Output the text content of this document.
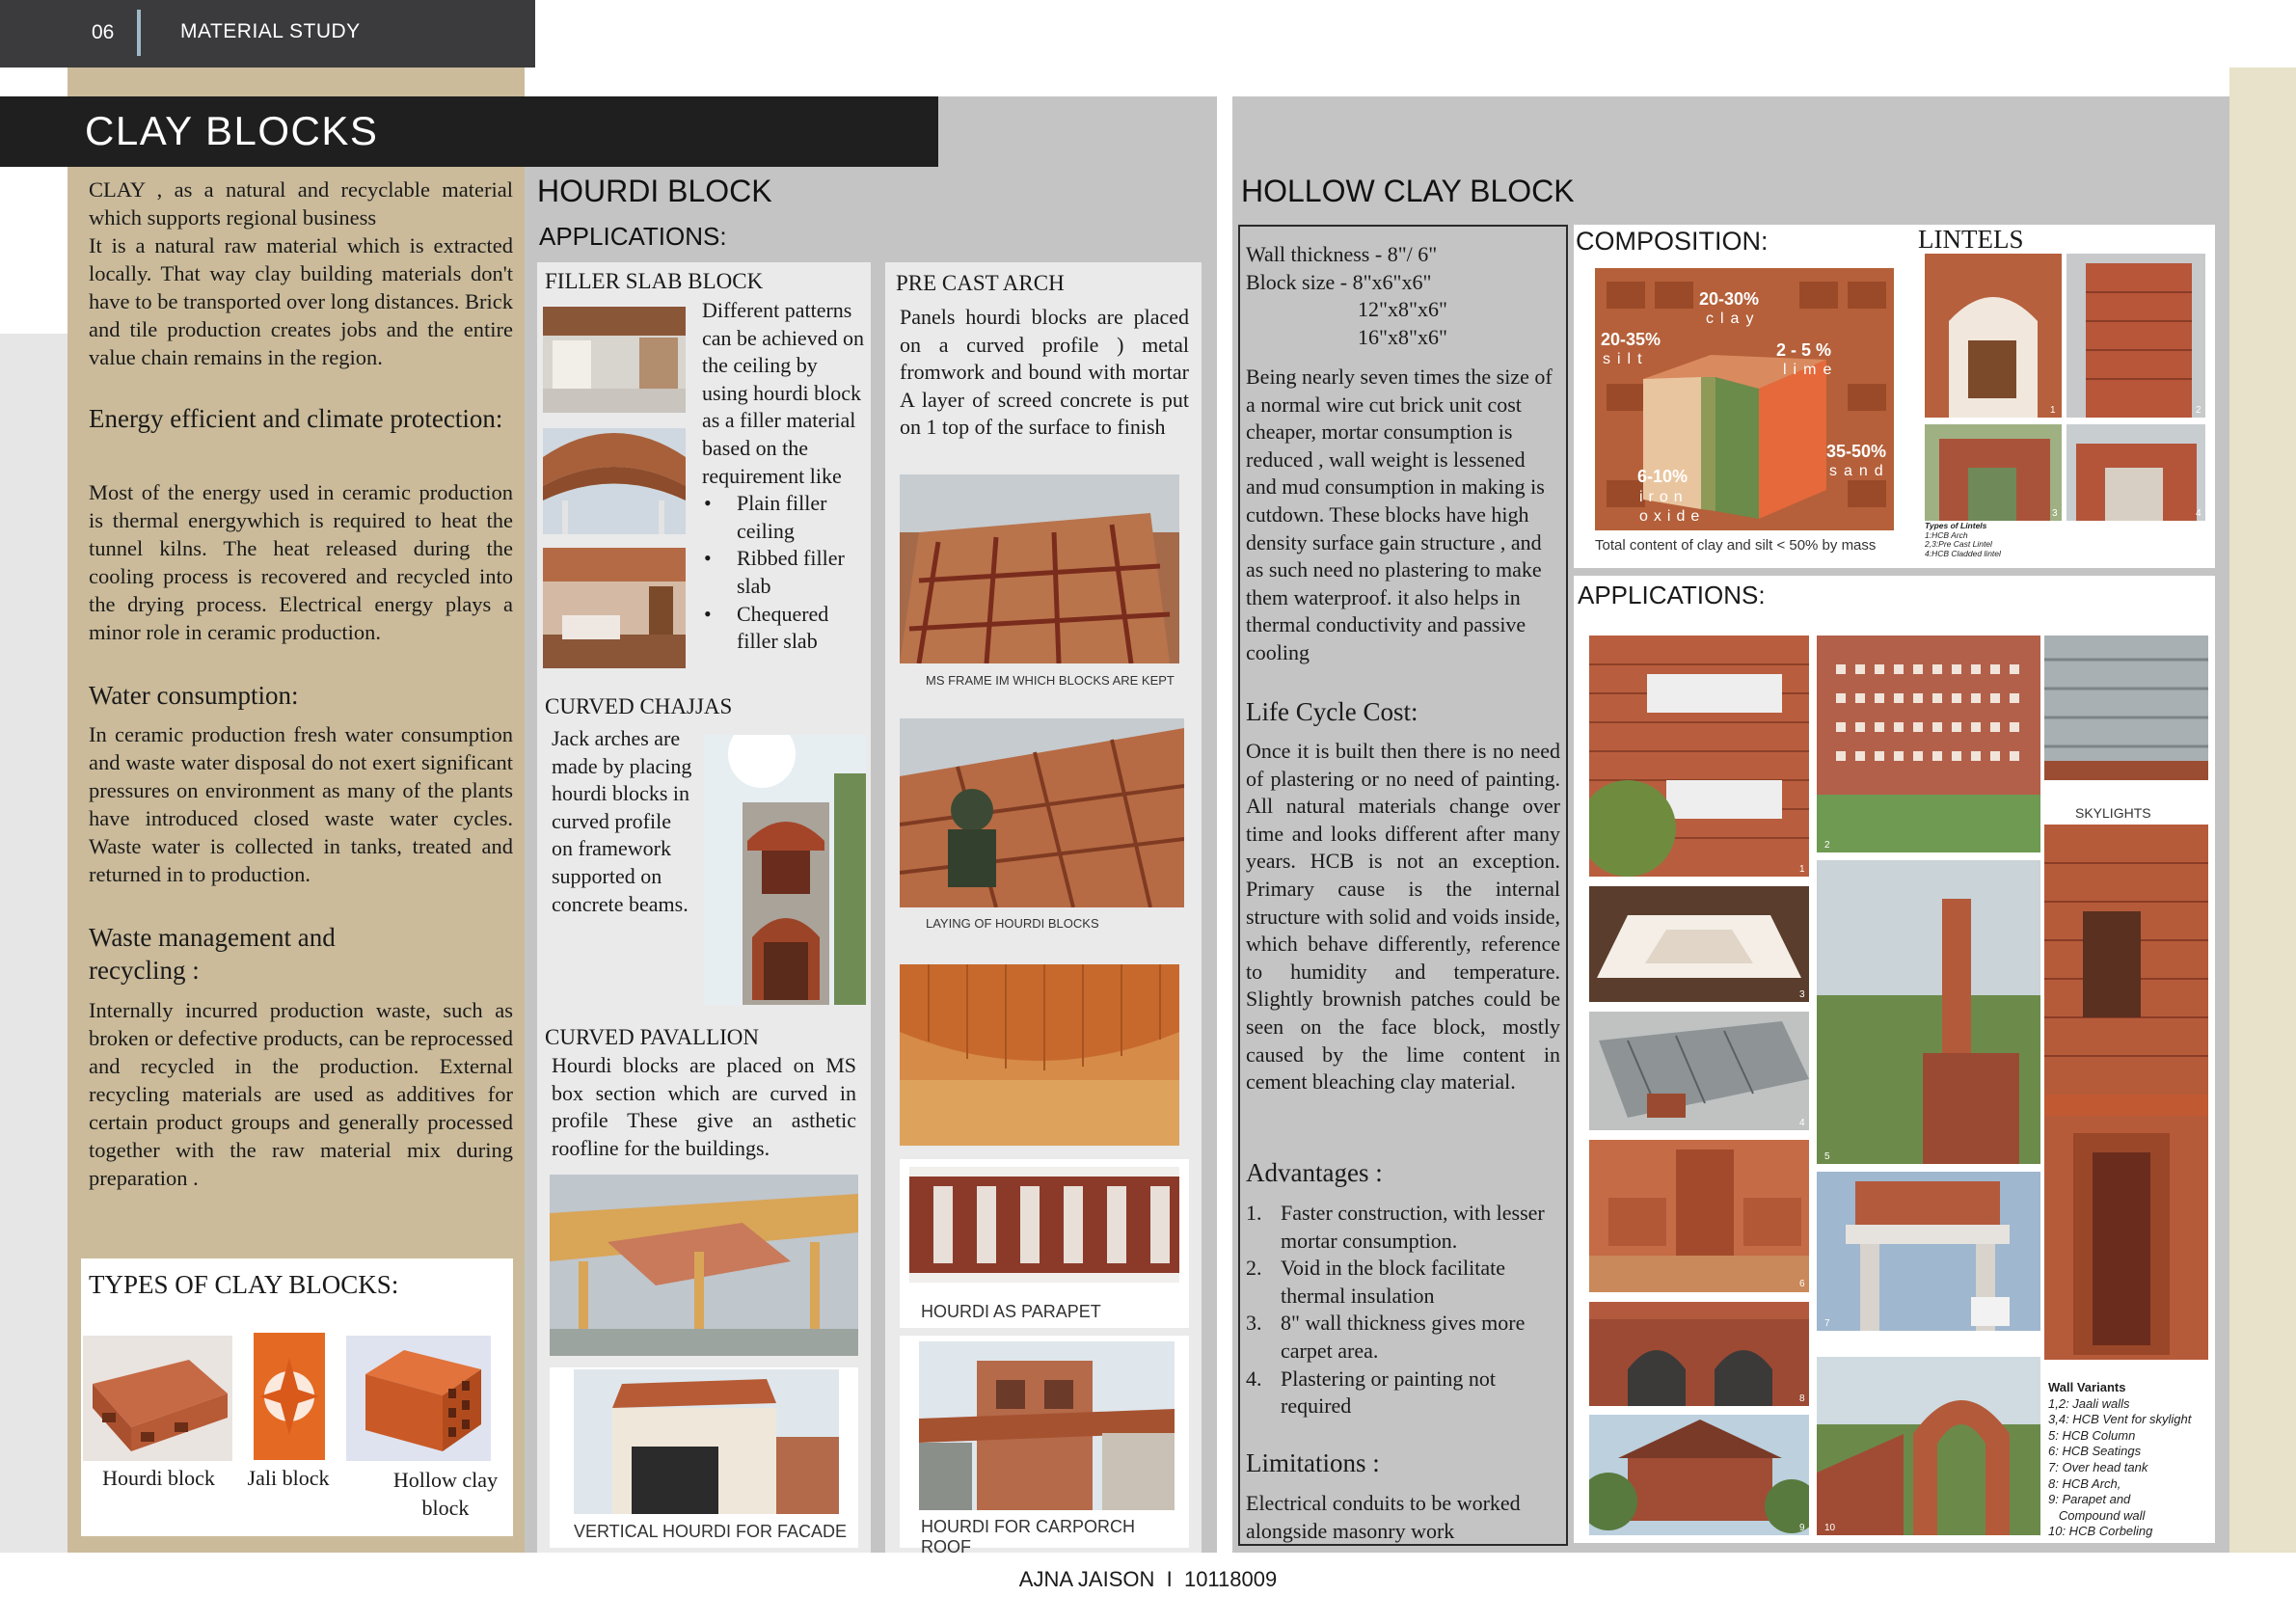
06	MATERIAL STUDY
CLAY BLOCKS

CLAY , as a natural and recyclable material which supports regional business

It is a natural raw material which is extracted locally. That way clay building materials don't have to be transported over long distances. Brick and tile production creates jobs and the entire value chain remains in the region.

Energy efficient and climate protection:
Most of the energy used in ceramic production is thermal energywhich is required to heat the tunnel kilns. The heat released during the cooling process is recovered and recycled into the drying process. Electrical energy plays a minor role in ceramic production.
Water consumption:
In ceramic production fresh water consumption and waste water disposal do not exert significant pressures on environment as many of the plants have introduced closed waste water cycles. Waste water is collected in tanks, treated and returned in to production.
Waste management and recycling :
Internally incurred production waste, such as broken or defective products, can be reprocessed and recycled in the production. External recycling materials are used as additives for certain product groups and generally processed together with the raw material mix during preparation .
TYPES OF CLAY BLOCKS:
Hourdi block	Jali block	Hollow clay block
HOURDI BLOCK
APPLICATIONS:
FILLER SLAB BLOCK

Different patterns can be achieved on the ceiling by using hourdi block as a filler material based on the requirement like

• Plain filler ceiling
• Ribbed filler slab
• Chequered filler slab
CURVED CHAJJAS
Jack arches are made by placing hourdi blocks in curved profile on framework supported on concrete beams.
CURVED PAVALLION
Hourdi blocks are placed on MS box section which are curved in profile These give an asthetic roofline for the buildings.
VERTICAL HOURDI FOR FACADE
PRE CAST ARCH
Panels hourdi blocks are placed on a curved profile ) metal fromwork and bound with mortar A layer of screed concrete is put on 1 top of the surface to finish
MS FRAME IM WHICH BLOCKS ARE KEPT
LAYING OF HOURDI BLOCKS
HOURDI AS PARAPET
HOURDI FOR CARPORCH ROOF
HOLLOW CLAY BLOCK
Wall thickness - 8"/ 6"
Block size - 8"x6"x6"
12"x8"x6"
16"x8"x6"
Being nearly seven times the size of a normal wire cut brick unit cost cheaper, mortar consumption is reduced , wall weight is lessened and mud consumption in making is cutdown. These blocks have high density surface gain structure , and as such need no plastering to make them waterproof. it also helps in thermal conductivity and passive cooling
Life Cycle Cost:
Once it is built then there is no need of plastering or no need of painting. All natural materials change over time and looks different after many years. HCB is not an exception. Primary cause is the internal structure with solid and voids inside, which behave differently, reference to humidity and temperature. Slightly brownish patches could be seen on the face block, mostly caused by the lime content in cement bleaching clay material.
Advantages :
1. Faster construction, with lesser mortar consumption.
2. Void in the block facilitate thermal insulation
3. 8" wall thickness gives more carpet area.
4. Plastering or painting not required
Limitations :
Electrical conduits to be worked alongside masonry work
COMPOSITION:	LINTELS
20-30%
clay
20-35%
silt	2 - 5 %
lime
6-10%
iron oxide
35-50%
sand
Total content of clay and silt < 50% by mass
1	2
3	4
Types of Lintels
1:HCB Arch
2,3:Pre Cast Lintel
4:HCB Cladded lintel
APPLICATIONS:
1
3
4
6
8
9
2
5
7
10
SKYLIGHTS
Wall Variants
1,2: Jaali walls
3,4: HCB Vent for skylight
5: HCB Column
6: HCB Seatings
7: Over head tank
8: HCB Arch,
9: Parapet and
Compound wall
10: HCB Corbeling
AJNA JAISON  I  10118009
